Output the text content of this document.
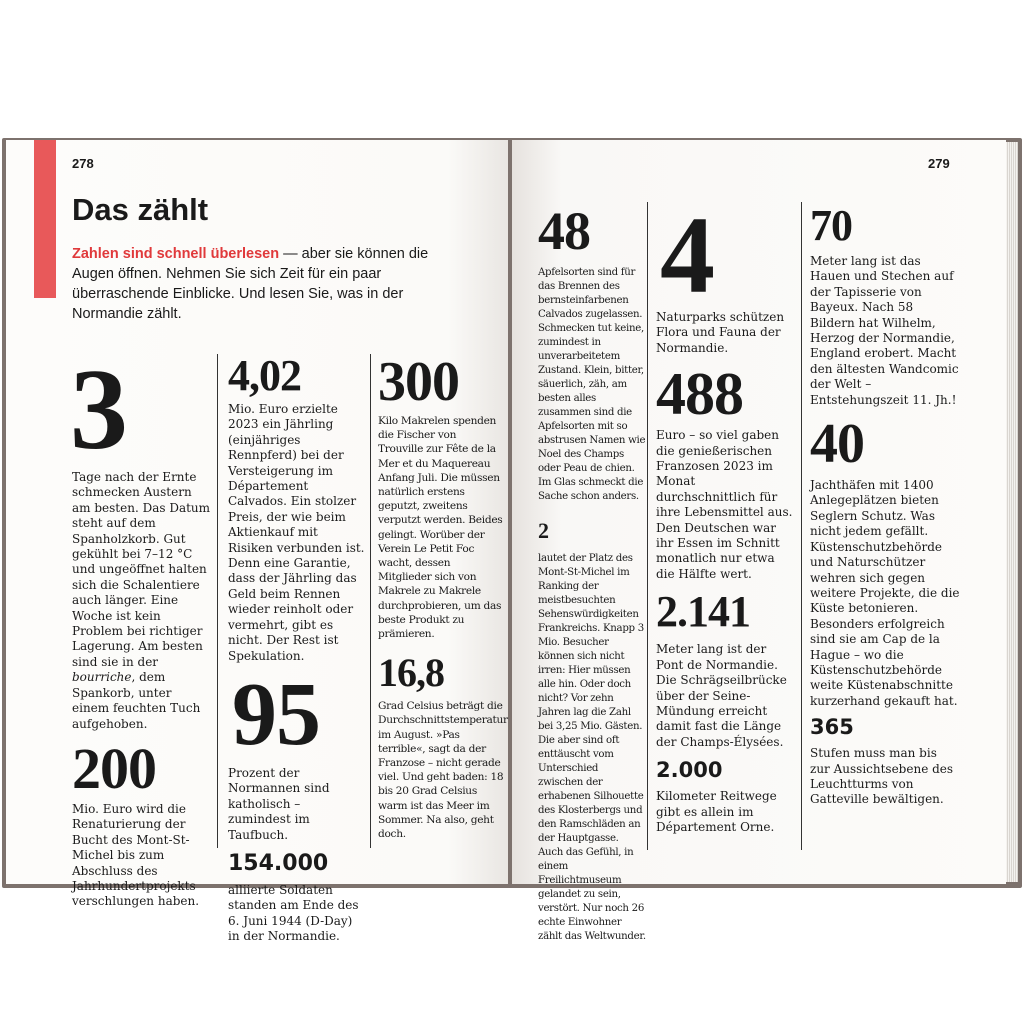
278
Das zählt

Zahlen sind schnell überlesen — aber sie können die Augen öffnen. Nehmen Sie sich Zeit für ein paar überraschende Einblicke. Und lesen Sie, was in der Normandie zählt.

3

Tage nach der Ernte schmecken Austern am besten. Das Datum steht auf dem Spanholzkorb. Gut gekühlt bei 7–12 °C und ungeöffnet halten sich die Schalentiere auch länger. Eine Woche ist kein Problem bei richtiger Lagerung. Am besten sind sie in der bourriche, dem Spankorb, unter einem feuchten Tuch aufgehoben.

200

Mio. Euro wird die Renaturierung der Bucht des Mont-St-Michel bis zum Abschluss des Jahrhundertprojekts verschlungen haben.

4,02

Mio. Euro erzielte 2023 ein Jährling (einjähriges Rennpferd) bei der Versteigerung im Département Calvados. Ein stolzer Preis, der wie beim Aktienkauf mit Risiken verbunden ist. Denn eine Garantie, dass der Jährling das Geld beim Rennen wieder reinholt oder vermehrt, gibt es nicht. Der Rest ist Spekulation.

95

Prozent der Normannen sind katholisch – zumindest im Taufbuch.

154.000

alliierte Soldaten standen am Ende des 6. Juni 1944 (D-Day) in der Normandie.

300

Kilo Makrelen spenden die Fischer von Trouville zur Fête de la Mer et du Maquereau Anfang Juli. Die müssen natürlich erstens geputzt, zweitens verputzt werden. Beides gelingt. Worüber der Verein Le Petit Foc wacht, dessen Mitglieder sich von Makrele zu Makrele durchprobieren, um das beste Produkt zu prämieren.

16,8

Grad Celsius beträgt die Durchschnittstemperatur im August. »Pas terrible«, sagt da der Franzose – nicht gerade viel. Und geht baden: 18 bis 20 Grad Celsius warm ist das Meer im Sommer. Na also, geht doch.

279

48

Apfelsorten sind für das Brennen des bernsteinfarbenen Calvados zugelassen. Schmecken tut keine, zumindest in unverarbeitetem Zustand. Klein, bitter, säuerlich, zäh, am besten alles zusammen sind die Apfelsorten mit so abstrusen Namen wie Noel des Champs oder Peau de chien. Im Glas schmeckt die Sache schon anders.

2

lautet der Platz des Mont-St-Michel im Ranking der meistbesuchten Sehenswürdigkeiten Frankreichs. Knapp 3 Mio. Besucher können sich nicht irren: Hier müssen alle hin. Oder doch nicht? Vor zehn Jahren lag die Zahl bei 3,25 Mio. Gästen. Die aber sind oft enttäuscht vom Unterschied zwischen der erhabenen Silhouette des Klosterbergs und den Ramschläden an der Hauptgasse. Auch das Gefühl, in einem Freilichtmuseum gelandet zu sein, verstört. Nur noch 26 echte Einwohner zählt das Weltwunder.

4

Naturparks schützen Flora und Fauna der Normandie.

488

Euro – so viel gaben die genießerischen Franzosen 2023 im Monat durchschnittlich für ihre Lebensmittel aus. Den Deutschen war ihr Essen im Schnitt monatlich nur etwa die Hälfte wert.

2.141

Meter lang ist der Pont de Normandie. Die Schrägseilbrücke über der Seine-Mündung erreicht damit fast die Länge der Champs-Élysées.

2.000

Kilometer Reitwege gibt es allein im Département Orne.

70

Meter lang ist das Hauen und Stechen auf der Tapisserie von Bayeux. Nach 58 Bildern hat Wilhelm, Herzog der Normandie, England erobert. Macht den ältesten Wandcomic der Welt – Entstehungszeit 11. Jh.!

40

Jachthäfen mit 1400 Anlegeplätzen bieten Seglern Schutz. Was nicht jedem gefällt. Küstenschutzbehörde und Naturschützer wehren sich gegen weitere Projekte, die die Küste betonieren. Besonders erfolgreich sind sie am Cap de la Hague – wo die Küstenschutzbehörde weite Küstenabschnitte kurzerhand gekauft hat.

365

Stufen muss man bis zur Aussichtsebene des Leuchtturms von Gatteville bewältigen.
